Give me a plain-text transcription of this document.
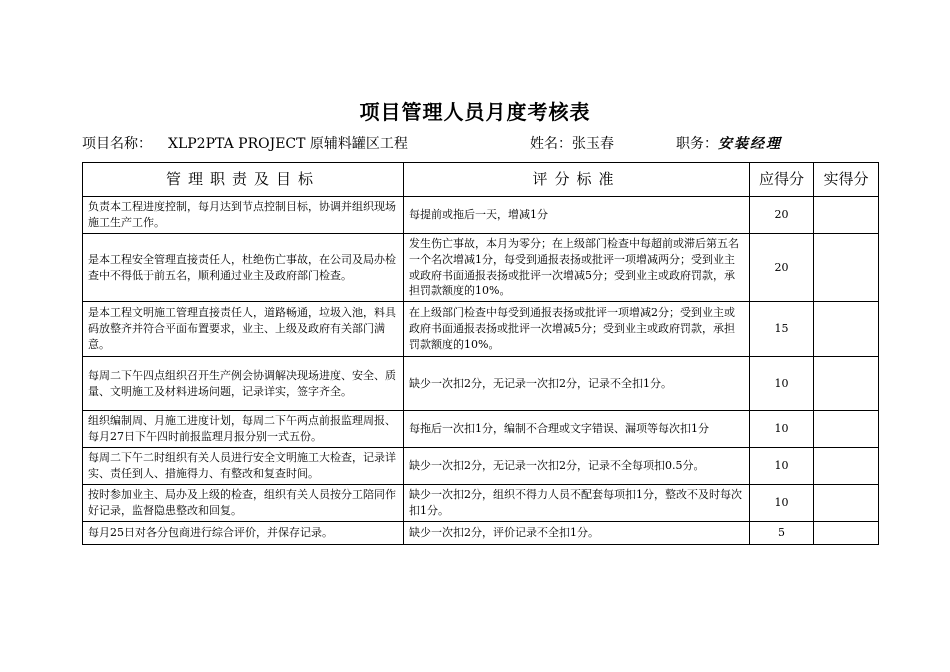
项目管理人员月度考核表
项目名称： XLP2PTA PROJECT 原辅料罐区工程	姓名： 张玉春	职务： 安装经理
管理职责及目标	评分标准	应得分	实得分
负责本工程进度控制，每月达到节点控制目标，协调并组织现场施工生产工作。	每提前或拖后一天，增减1分	20	
是本工程安全管理直接责任人，杜绝伤亡事故，在公司及局办检查中不得低于前五名，顺利通过业主及政府部门检查。	发生伤亡事故，本月为零分；在上级部门检查中每超前或滞后第五名一个名次增减1分，每受到通报表扬或批评一项增减两分；受到业主或政府书面通报表扬或批评一次增减5分；受到业主或政府罚款，承担罚款额度的10%。	20	
是本工程文明施工管理直接责任人，道路畅通，垃圾入池，料具码放整齐并符合平面布置要求，业主、上级及政府有关部门满意。	在上级部门检查中每受到通报表扬或批评一项增减2分；受到业主或政府书面通报表扬或批评一次增减5分；受到业主或政府罚款，承担罚款额度的10%。	15	
每周二下午四点组织召开生产例会协调解决现场进度、安全、质量、文明施工及材料进场问题，记录详实，签字齐全。	缺少一次扣2分，无记录一次扣2分，记录不全扣1分。	10	
组织编制周、月施工进度计划，每周二下午两点前报监理周报、每月27日下午四时前报监理月报分别一式五份。	每拖后一次扣1分，编制不合理或文字错误、漏项等每次扣1分	10	
每周二下午二时组织有关人员进行安全文明施工大检查，记录详实、责任到人、措施得力、有整改和复查时间。	缺少一次扣2分，无记录一次扣2分，记录不全每项扣0.5分。	10	
按时参加业主、局办及上级的检查，组织有关人员按分工陪同作好记录，监督隐患整改和回复。	缺少一次扣2分，组织不得力人员不配套每项扣1分，整改不及时每次扣1分。	10	
每月25日对各分包商进行综合评价，并保存记录。	缺少一次扣2分，评价记录不全扣1分。	5	
